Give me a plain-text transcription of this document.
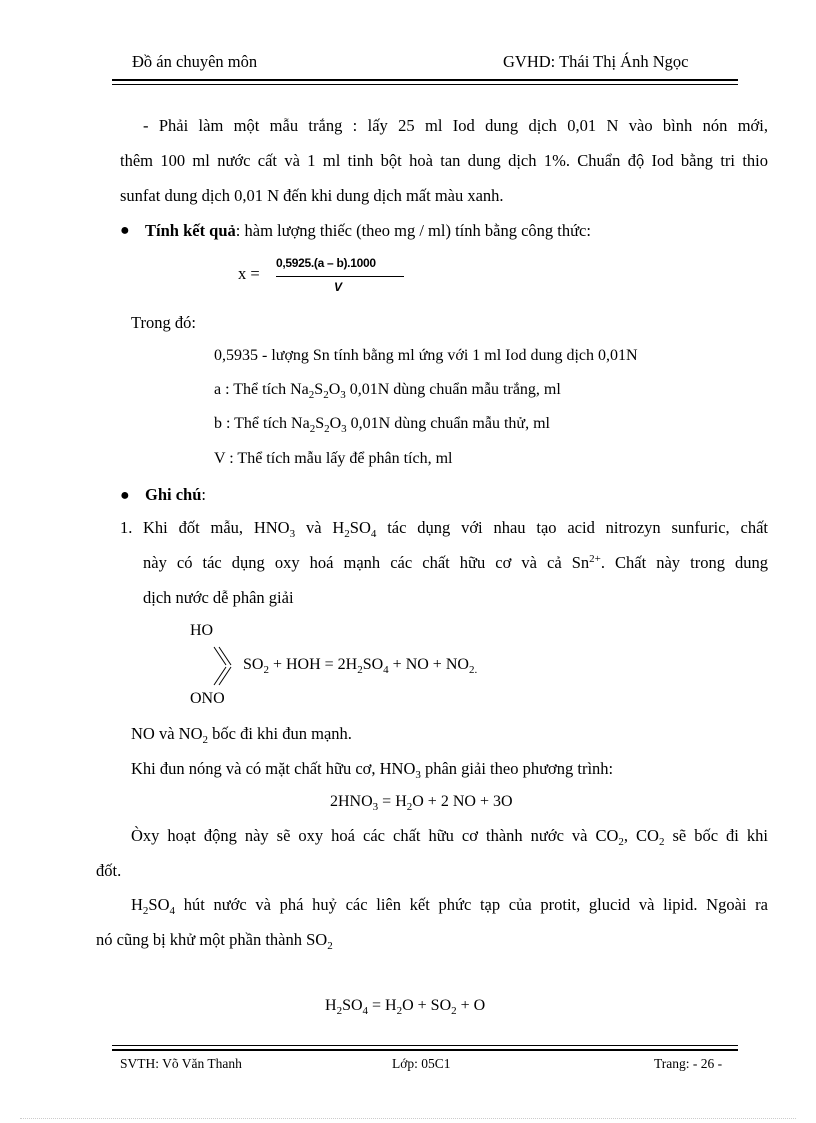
Đồ án chuyên môn	GVHD: Thái Thị Ánh Ngọc
- Phải làm một mẫu trắng : lấy 25 ml Iod dung dịch 0,01 N vào bình nón mới,
thêm 100 ml nước cất và 1 ml tinh bột hoà tan dung dịch 1%. Chuẩn độ Iod bằng tri thio
sunfat dung dịch 0,01 N đến khi dung dịch mất màu xanh.
● Tính kết quả: hàm lượng thiếc (theo mg / ml) tính bằng công thức:
x =
0,5925.(a – b).1000
V
Trong đó:
0,5935 - lượng Sn tính bằng ml ứng với 1 ml Iod dung dịch 0,01N
a : Thể tích $Na_2S_2O_3$ 0,01N dùng chuẩn mẫu trắng, ml
b : Thể tích $Na_2S_2O_3$ 0,01N dùng chuẩn mẫu thử, ml
V : Thể tích mẫu lấy để phân tích, ml
● Ghi chú:
1. Khi đốt mẫu, $HNO_3$ và $H_2SO_4$ tác dụng với nhau tạo acid nitrozyn sunfuric, chất
này có tác dụng oxy hoá mạnh các chất hữu cơ và cả $Sn^{2+}$. Chất này trong dung
dịch nước dễ phân giải
HO
$SO_2$ + HOH = $2H_2SO_4$ + NO + $NO_{2.}$
ONO
NO và $NO_2$ bốc đi khi đun mạnh.
Khi đun nóng và có mặt chất hữu cơ, $HNO_3$ phân giải theo phương trình:
$2HNO_3 = H_2O + 2$ NO + 3O
Òxy hoạt động này sẽ oxy hoá các chất hữu cơ thành nước và $CO_2$, $CO_2$ sẽ bốc đi khi
đốt.
$H_2SO_4$ hút nước và phá huỷ các liên kết phức tạp của protit, glucid và lipid. Ngoài ra
nó cũng bị khử một phần thành $SO_2$
$H_2SO_4 = H_2O + SO_2 + O$
SVTH: Võ Văn Thanh	Lớp: 05C1	Trang: - 26 -
